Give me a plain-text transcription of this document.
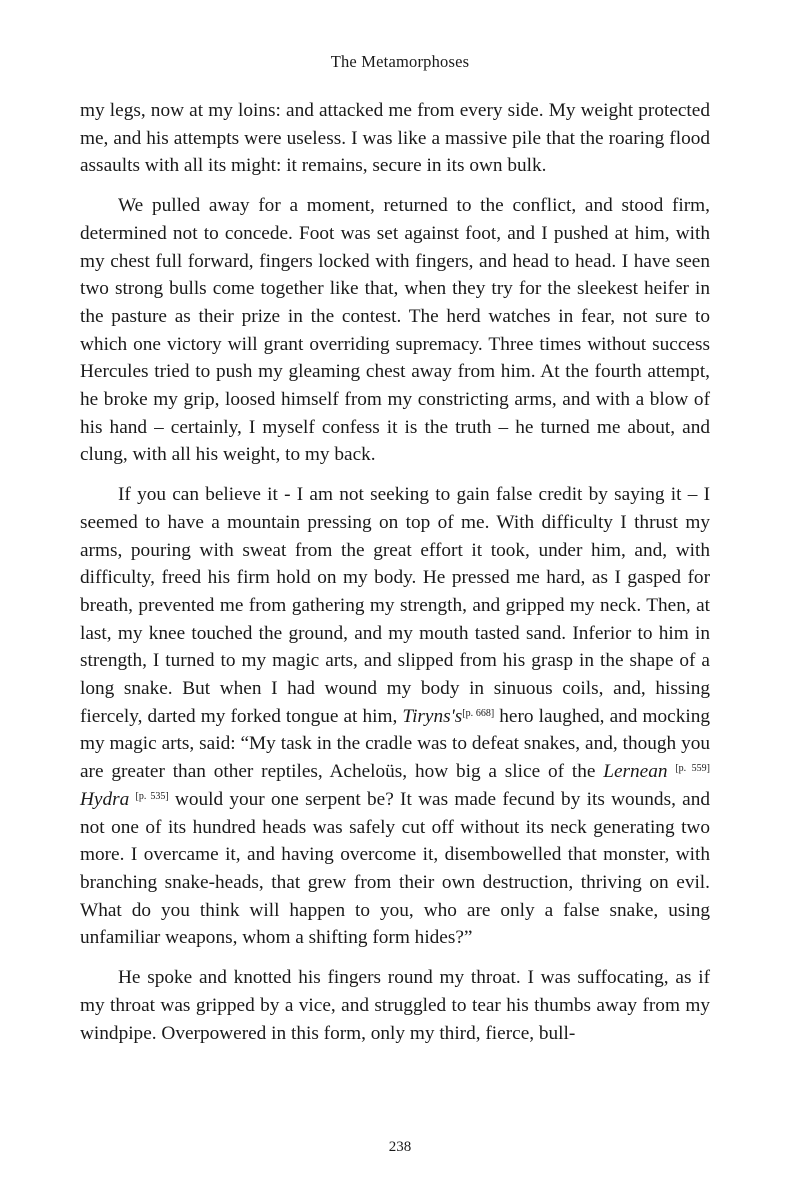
The Metamorphoses

my legs, now at my loins: and attacked me from every side. My weight protected me, and his attempts were useless. I was like a massive pile that the roaring flood assaults with all its might: it remains, secure in its own bulk.

We pulled away for a moment, returned to the conflict, and stood firm, determined not to concede. Foot was set against foot, and I pushed at him, with my chest full forward, fingers locked with fingers, and head to head. I have seen two strong bulls come together like that, when they try for the sleekest heifer in the pasture as their prize in the contest. The herd watches in fear, not sure to which one victory will grant overriding supremacy. Three times without success Hercules tried to push my gleaming chest away from him. At the fourth attempt, he broke my grip, loosed himself from my constricting arms, and with a blow of his hand – certainly, I myself confess it is the truth – he turned me about, and clung, with all his weight, to my back.

If you can believe it - I am not seeking to gain false credit by saying it – I seemed to have a mountain pressing on top of me. With difficulty I thrust my arms, pouring with sweat from the great effort it took, under him, and, with difficulty, freed his firm hold on my body. He pressed me hard, as I gasped for breath, prevented me from gathering my strength, and gripped my neck. Then, at last, my knee touched the ground, and my mouth tasted sand. Inferior to him in strength, I turned to my magic arts, and slipped from his grasp in the shape of a long snake. But when I had wound my body in sinuous coils, and, hissing fiercely, darted my forked tongue at him, Tiryns's[p. 668] hero laughed, and mocking my magic arts, said: “My task in the cradle was to defeat snakes, and, though you are greater than other reptiles, Acheloüs, how big a slice of the Lernean [p. 559] Hydra [p. 535] would your one serpent be? It was made fecund by its wounds, and not one of its hundred heads was safely cut off without its neck generating two more. I overcame it, and having overcome it, disembowelled that monster, with branching snake-heads, that grew from their own destruction, thriving on evil. What do you think will happen to you, who are only a false snake, using unfamiliar weapons, whom a shifting form hides?”

He spoke and knotted his fingers round my throat. I was suffocating, as if my throat was gripped by a vice, and struggled to tear his thumbs away from my windpipe. Overpowered in this form, only my third, fierce, bull-

238
